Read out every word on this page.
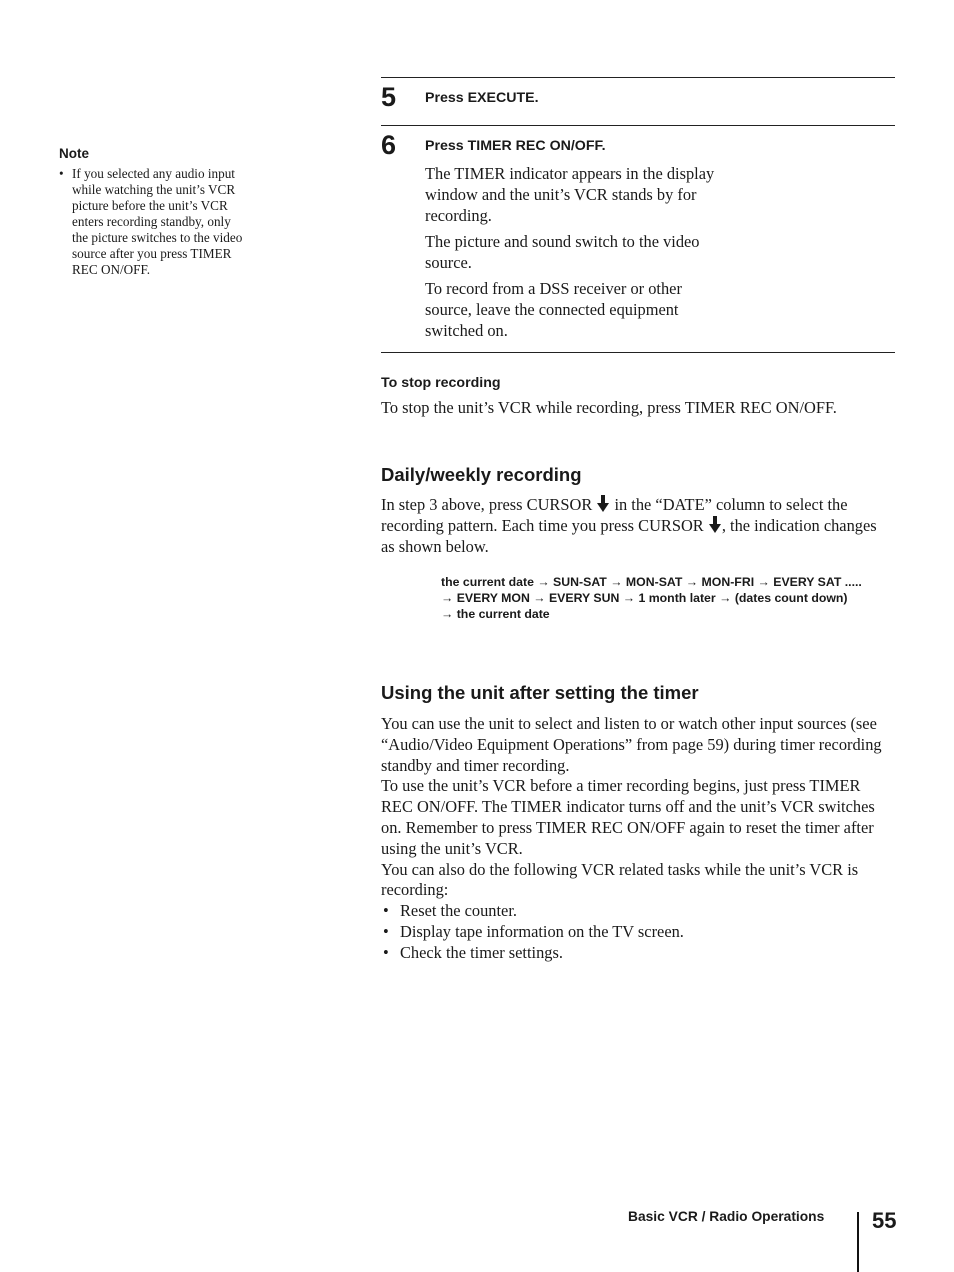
Note

• If you selected any audio input while watching the unit’s VCR picture before the unit’s VCR enters recording standby, only the picture switches to the video source after you press TIMER REC ON/OFF.

5 Press EXECUTE.
6 Press TIMER REC ON/OFF.

The TIMER indicator appears in the display window and the unit’s VCR stands by for recording.

The picture and sound switch to the video source.

To record from a DSS receiver or other source, leave the connected equipment switched on.

To stop recording
To stop the unit’s VCR while recording, press TIMER REC ON/OFF.
Daily/weekly recording
In step 3 above, press CURSOR  in the “DATE” column to select the recording pattern. Each time you press CURSOR , the indication changes as shown below.
the current date → SUN-SAT → MON-SAT → MON-FRI → EVERY SAT .....
→ EVERY MON → EVERY SUN → 1 month later → (dates count down)
→ the current date
Using the unit after setting the timer

You can use the unit to select and listen to or watch other input sources (see “Audio/Video Equipment Operations” from page 59) during timer recording standby and timer recording.

To use the unit’s VCR before a timer recording begins, just press TIMER REC ON/OFF. The TIMER indicator turns off and the unit’s VCR switches on. Remember to press TIMER REC ON/OFF again to reset the timer after using the unit’s VCR.

You can also do the following VCR related tasks while the unit’s VCR is recording:

• Reset the counter.
• Display tape information on the TV screen.
• Check the timer settings.
Basic VCR / Radio Operations 55
